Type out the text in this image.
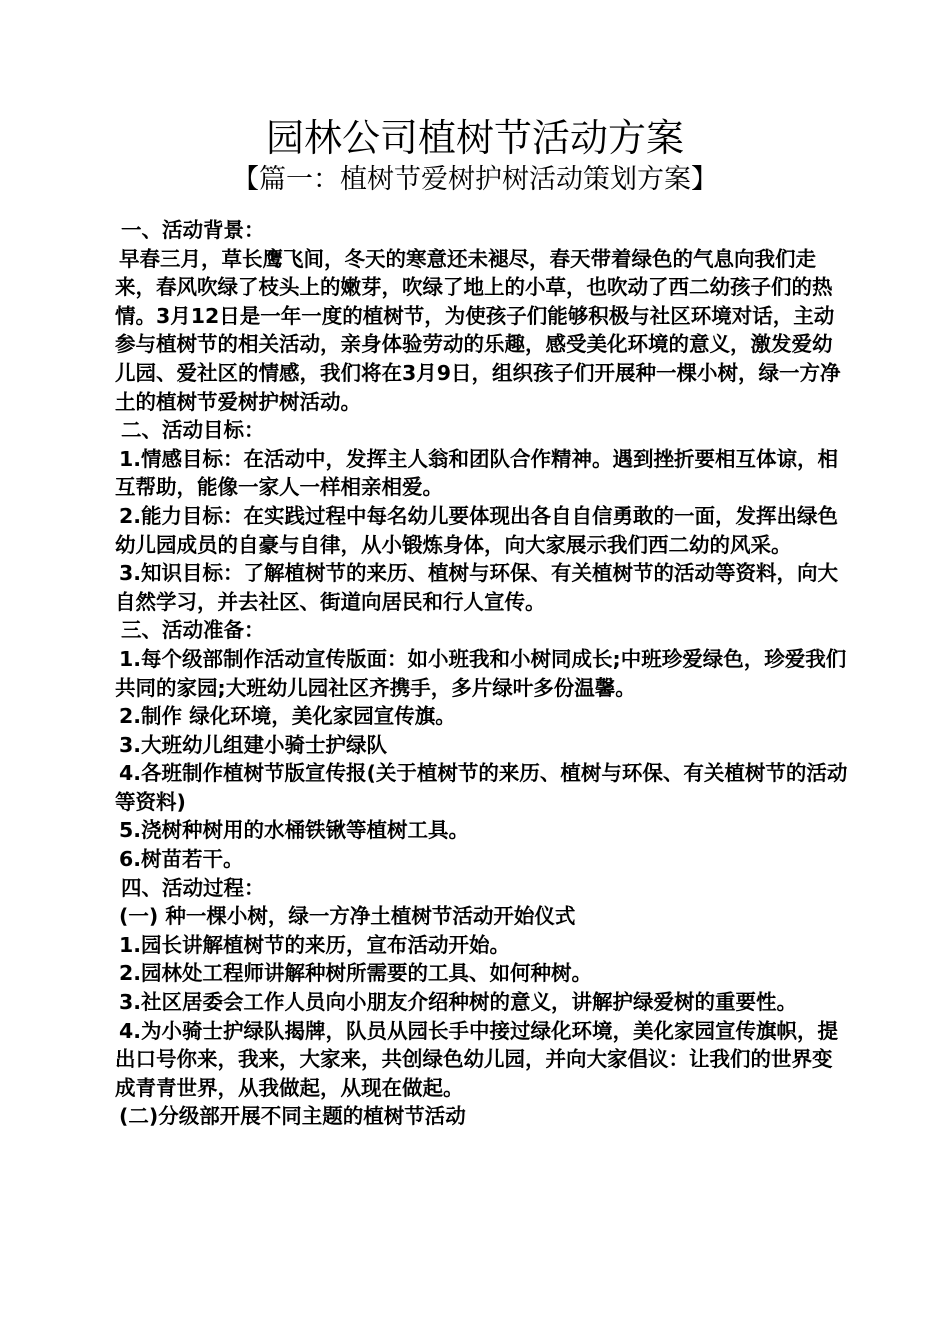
园林公司植树节活动方案
【篇一：植树节爱树护树活动策划方案】

一、活动背景：

早春三月，草长鹰飞间，冬天的寒意还未褪尽，春天带着绿色的气息向我们走来，春风吹绿了枝头上的嫩芽，吹绿了地上的小草，也吹动了西二幼孩子们的热情。3月12日是一年一度的植树节，为使孩子们能够积极与社区环境对话，主动参与植树节的相关活动，亲身体验劳动的乐趣，感受美化环境的意义，激发爱幼儿园、爱社区的情感，我们将在3月9日，组织孩子们开展种一棵小树，绿一方净土的植树节爱树护树活动。

二、活动目标：

1.情感目标：在活动中，发挥主人翁和团队合作精神。遇到挫折要相互体谅，相互帮助，能像一家人一样相亲相爱。

2.能力目标：在实践过程中每名幼儿要体现出各自自信勇敢的一面，发挥出绿色幼儿园成员的自豪与自律，从小锻炼身体，向大家展示我们西二幼的风采。

3.知识目标：了解植树节的来历、植树与环保、有关植树节的活动等资料，向大自然学习，并去社区、街道向居民和行人宣传。

三、活动准备：

1.每个级部制作活动宣传版面：如小班我和小树同成长;中班珍爱绿色，珍爱我们共同的家园;大班幼儿园社区齐携手，多片绿叶多份温馨。

2.制作 绿化环境，美化家园宣传旗。

3.大班幼儿组建小骑士护绿队

4.各班制作植树节版宣传报(关于植树节的来历、植树与环保、有关植树节的活动等资料)

5.浇树种树用的水桶铁锹等植树工具。

6.树苗若干。

四、活动过程：

(一) 种一棵小树，绿一方净土植树节活动开始仪式

1.园长讲解植树节的来历，宣布活动开始。

2.园林处工程师讲解种树所需要的工具、如何种树。

3.社区居委会工作人员向小朋友介绍种树的意义，讲解护绿爱树的重要性。

4.为小骑士护绿队揭牌，队员从园长手中接过绿化环境，美化家园宣传旗帜，提出口号你来，我来，大家来，共创绿色幼儿园，并向大家倡议：让我们的世界变成青青世界，从我做起，从现在做起。

(二)分级部开展不同主题的植树节活动
